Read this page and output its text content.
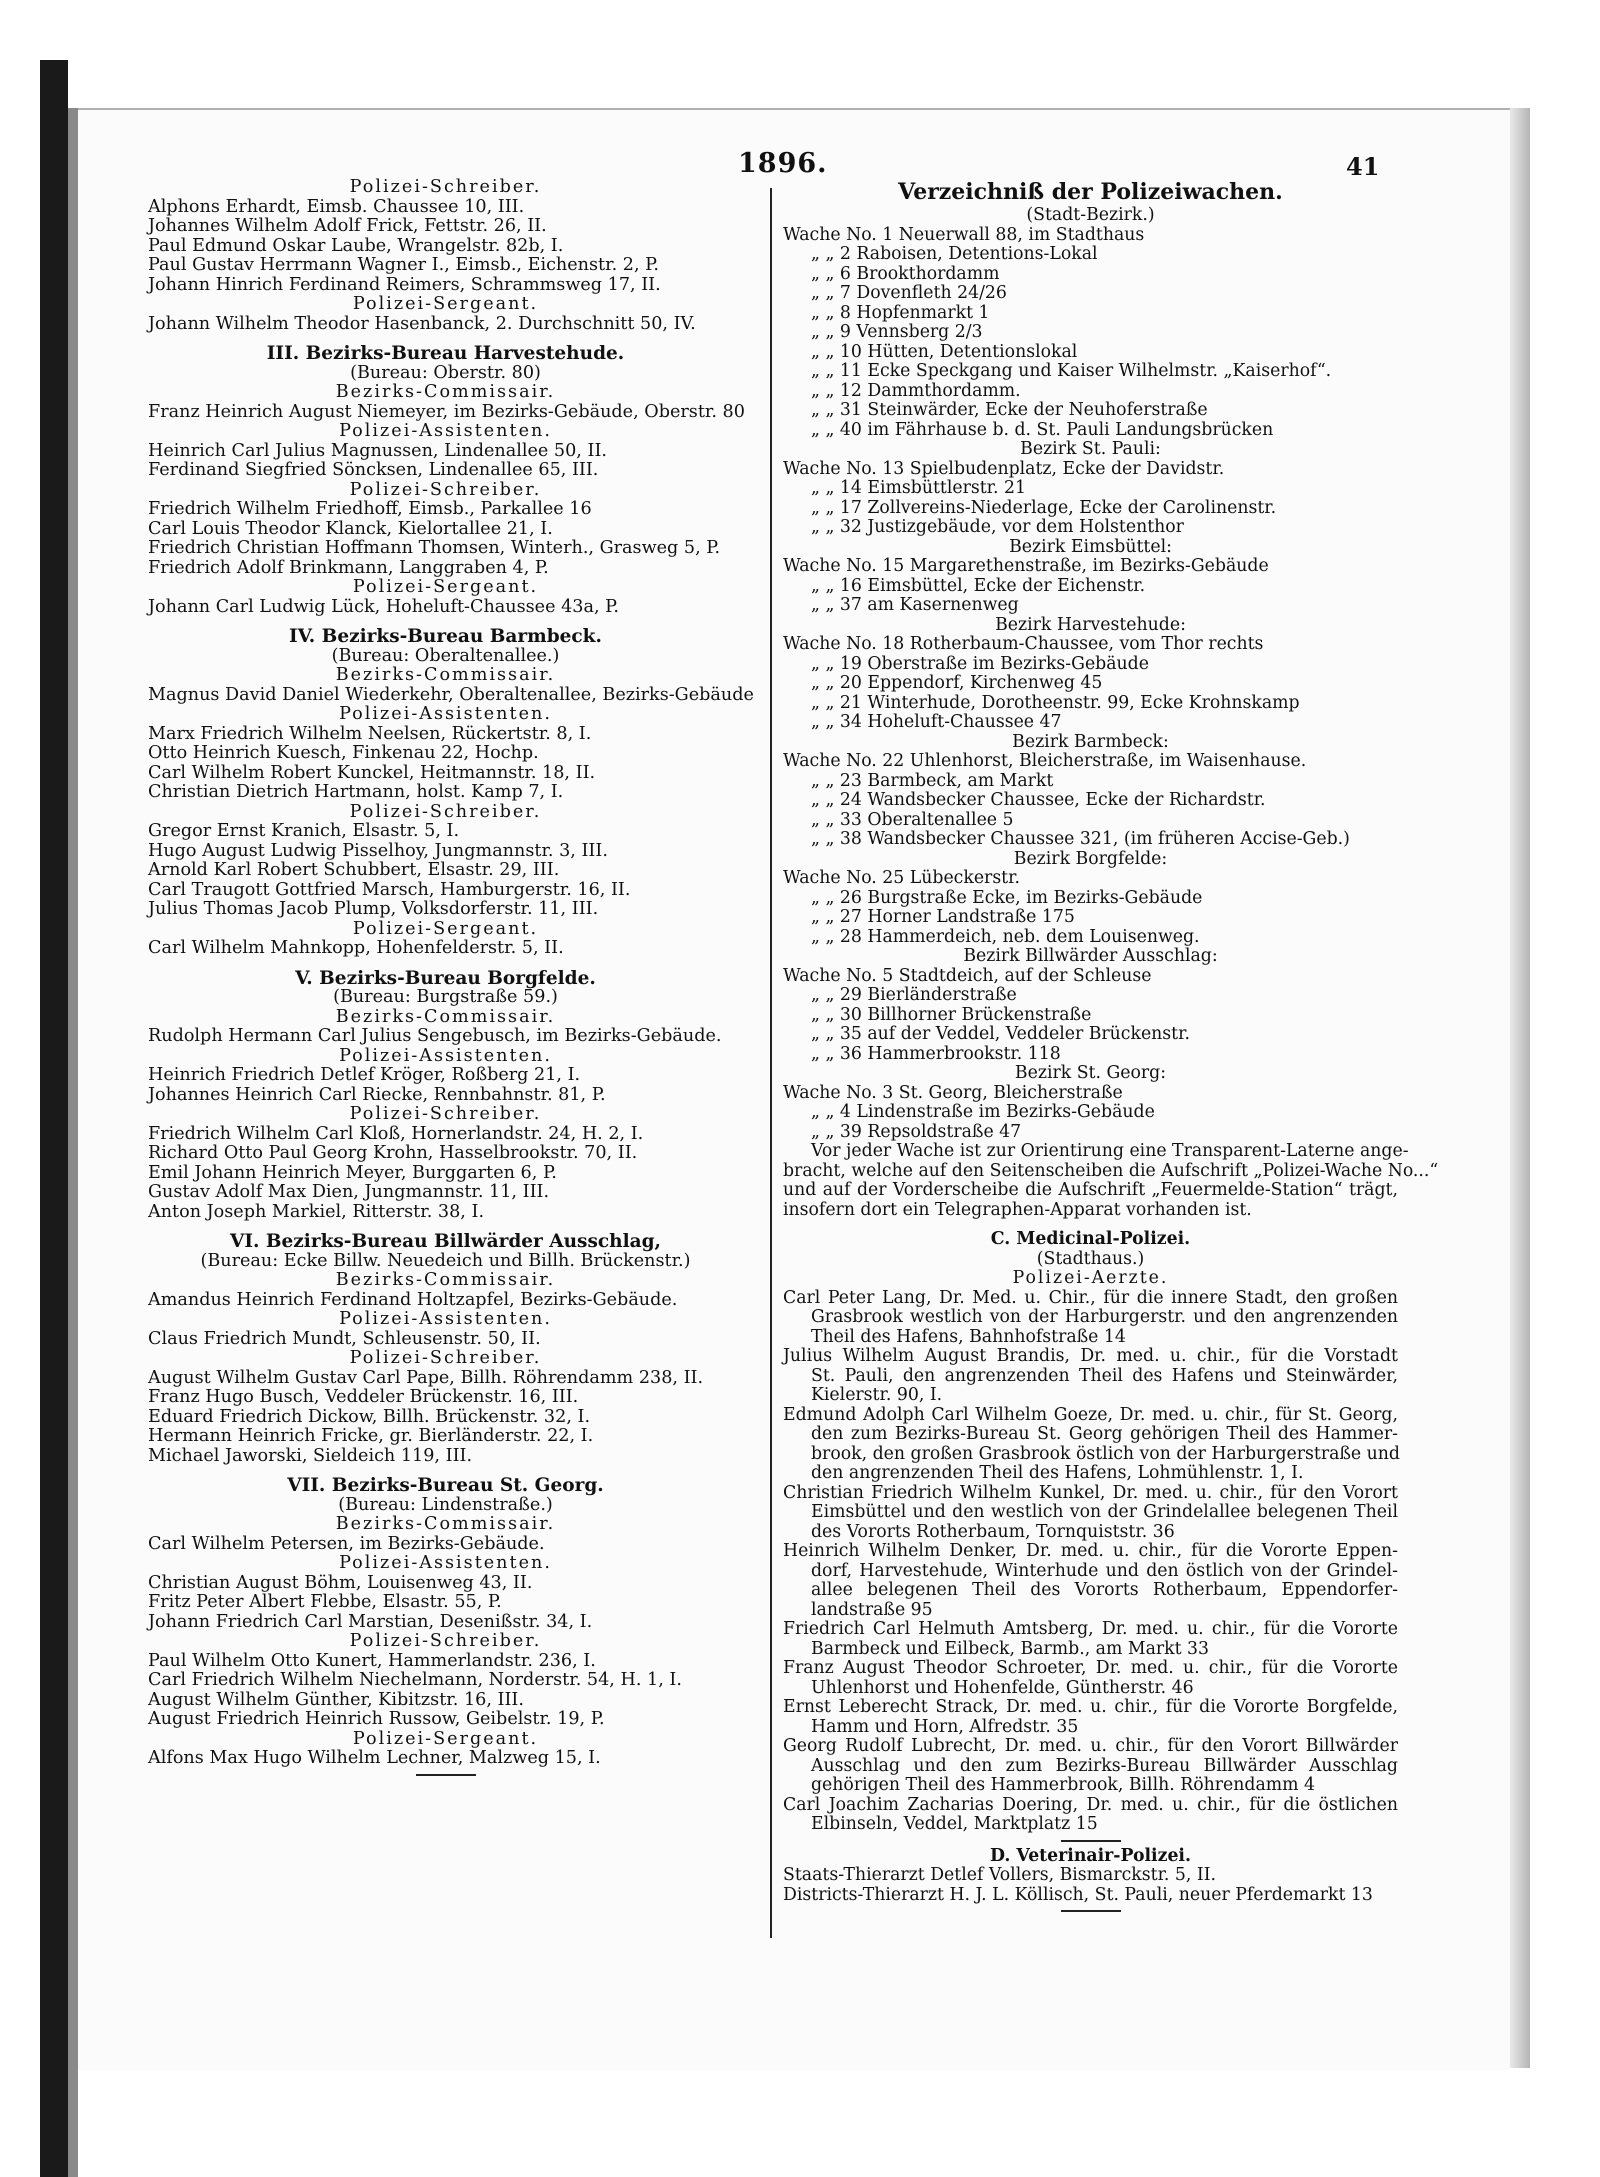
1896.	41
Polizei-Schreiber.
Alphons Erhardt, Eimsb. Chaussee 10, III.
Johannes Wilhelm Adolf Frick, Fettstr. 26, II.
Paul Edmund Oskar Laube, Wrangelstr. 82b, I.
Paul Gustav Herrmann Wagner I., Eimsb., Eichenstr. 2, P.
Johann Hinrich Ferdinand Reimers, Schrammsweg 17, II.
Polizei-Sergeant.
Johann Wilhelm Theodor Hasenbanck, 2. Durchschnitt 50, IV.
III. Bezirks-Bureau Harvestehude.
(Bureau: Oberstr. 80)
Bezirks-Commissair.
Franz Heinrich August Niemeyer, im Bezirks-Gebäude, Oberstr. 80
Polizei-Assistenten.
Heinrich Carl Julius Magnussen, Lindenallee 50, II.
Ferdinand Siegfried Söncksen, Lindenallee 65, III.
Polizei-Schreiber.
Friedrich Wilhelm Friedhoff, Eimsb., Parkallee 16
Carl Louis Theodor Klanck, Kielortallee 21, I.
Friedrich Christian Hoffmann Thomsen, Winterh., Grasweg 5, P.
Friedrich Adolf Brinkmann, Langgraben 4, P.
Polizei-Sergeant.
Johann Carl Ludwig Lück, Hoheluft-Chaussee 43a, P.
IV. Bezirks-Bureau Barmbeck.
(Bureau: Oberaltenallee.)
Bezirks-Commissair.
Magnus David Daniel Wiederkehr, Oberaltenallee, Bezirks-Gebäude
Polizei-Assistenten.
Marx Friedrich Wilhelm Neelsen, Rückertstr. 8, I.
Otto Heinrich Kuesch, Finkenau 22, Hochp.
Carl Wilhelm Robert Kunckel, Heitmannstr. 18, II.
Christian Dietrich Hartmann, holst. Kamp 7, I.
Polizei-Schreiber.
Gregor Ernst Kranich, Elsastr. 5, I.
Hugo August Ludwig Pisselhoy, Jungmannstr. 3, III.
Arnold Karl Robert Schubbert, Elsastr. 29, III.
Carl Traugott Gottfried Marsch, Hamburgerstr. 16, II.
Julius Thomas Jacob Plump, Volksdorferstr. 11, III.
Polizei-Sergeant.
Carl Wilhelm Mahnkopp, Hohenfelderstr. 5, II.
V. Bezirks-Bureau Borgfelde.
(Bureau: Burgstraße 59.)
Bezirks-Commissair.
Rudolph Hermann Carl Julius Sengebusch, im Bezirks-Gebäude.
Polizei-Assistenten.
Heinrich Friedrich Detlef Kröger, Roßberg 21, I.
Johannes Heinrich Carl Riecke, Rennbahnstr. 81, P.
Polizei-Schreiber.
Friedrich Wilhelm Carl Kloß, Hornerlandstr. 24, H. 2, I.
Richard Otto Paul Georg Krohn, Hasselbrookstr. 70, II.
Emil Johann Heinrich Meyer, Burggarten 6, P.
Gustav Adolf Max Dien, Jungmannstr. 11, III.
Anton Joseph Markiel, Ritterstr. 38, I.
VI. Bezirks-Bureau Billwärder Ausschlag,
(Bureau: Ecke Billw. Neuedeich und Billh. Brückenstr.)
Bezirks-Commissair.
Amandus Heinrich Ferdinand Holtzapfel, Bezirks-Gebäude.
Polizei-Assistenten.
Claus Friedrich Mundt, Schleusenstr. 50, II.
Polizei-Schreiber.
August Wilhelm Gustav Carl Pape, Billh. Röhrendamm 238, II.
Franz Hugo Busch, Veddeler Brückenstr. 16, III.
Eduard Friedrich Dickow, Billh. Brückenstr. 32, I.
Hermann Heinrich Fricke, gr. Bierländerstr. 22, I.
Michael Jaworski, Sieldeich 119, III.
VII. Bezirks-Bureau St. Georg.
(Bureau: Lindenstraße.)
Bezirks-Commissair.
Carl Wilhelm Petersen, im Bezirks-Gebäude.
Polizei-Assistenten.
Christian August Böhm, Louisenweg 43, II.
Fritz Peter Albert Flebbe, Elsastr. 55, P.
Johann Friedrich Carl Marstian, Desenißstr. 34, I.
Polizei-Schreiber.
Paul Wilhelm Otto Kunert, Hammerlandstr. 236, I.
Carl Friedrich Wilhelm Niechelmann, Norderstr. 54, H. 1, I.
August Wilhelm Günther, Kibitzstr. 16, III.
August Friedrich Heinrich Russow, Geibelstr. 19, P.
Polizei-Sergeant.
Alfons Max Hugo Wilhelm Lechner, Malzweg 15, I.
Verzeichniß der Polizeiwachen.
(Stadt-Bezirk.)
Wache No. 1 Neuerwall 88, im Stadthaus
„ „ 2 Raboisen, Detentions-Lokal
„ „ 6 Brookthordamm
„ „ 7 Dovenfleth 24/26
„ „ 8 Hopfenmarkt 1
„ „ 9 Vennsberg 2/3
„ „ 10 Hütten, Detentionslokal
„ „ 11 Ecke Speckgang und Kaiser Wilhelmstr. „Kaiserhof“.
„ „ 12 Dammthordamm.
„ „ 31 Steinwärder, Ecke der Neuhoferstraße
„ „ 40 im Fährhause b. d. St. Pauli Landungsbrücken
Bezirk St. Pauli:
Wache No. 13 Spielbudenplatz, Ecke der Davidstr.
„ „ 14 Eimsbüttlerstr. 21
„ „ 17 Zollvereins-Niederlage, Ecke der Carolinenstr.
„ „ 32 Justizgebäude, vor dem Holstenthor
Bezirk Eimsbüttel:
Wache No. 15 Margarethenstraße, im Bezirks-Gebäude
„ „ 16 Eimsbüttel, Ecke der Eichenstr.
„ „ 37 am Kasernenweg
Bezirk Harvestehude:
Wache No. 18 Rotherbaum-Chaussee, vom Thor rechts
„ „ 19 Oberstraße im Bezirks-Gebäude
„ „ 20 Eppendorf, Kirchenweg 45
„ „ 21 Winterhude, Dorotheenstr. 99, Ecke Krohnskamp
„ „ 34 Hoheluft-Chaussee 47
Bezirk Barmbeck:
Wache No. 22 Uhlenhorst, Bleicherstraße, im Waisenhause.
„ „ 23 Barmbeck, am Markt
„ „ 24 Wandsbecker Chaussee, Ecke der Richardstr.
„ „ 33 Oberaltenallee 5
„ „ 38 Wandsbecker Chaussee 321, (im früheren Accise-Geb.)
Bezirk Borgfelde:
Wache No. 25 Lübeckerstr.
„ „ 26 Burgstraße Ecke, im Bezirks-Gebäude
„ „ 27 Horner Landstraße 175
„ „ 28 Hammerdeich, neb. dem Louisenweg.
Bezirk Billwärder Ausschlag:
Wache No. 5 Stadtdeich, auf der Schleuse
„ „ 29 Bierländerstraße
„ „ 30 Billhorner Brückenstraße
„ „ 35 auf der Veddel, Veddeler Brückenstr.
„ „ 36 Hammerbrookstr. 118
Bezirk St. Georg:
Wache No. 3 St. Georg, Bleicherstraße
„ „ 4 Lindenstraße im Bezirks-Gebäude
„ „ 39 Repsoldstraße 47
Vor jeder Wache ist zur Orientirung eine Transparent-Laterne ange-
bracht, welche auf den Seitenscheiben die Aufschrift „Polizei-Wache No...“
und auf der Vorderscheibe die Aufschrift „Feuermelde-Station“ trägt,
insofern dort ein Telegraphen-Apparat vorhanden ist.
C. Medicinal-Polizei.
(Stadthaus.)
Polizei-Aerzte.
Carl Peter Lang, Dr. Med. u. Chir., für die innere Stadt, den großen
Grasbrook westlich von der Harburgerstr. und den angrenzenden
Theil des Hafens, Bahnhofstraße 14
Julius Wilhelm August Brandis, Dr. med. u. chir., für die Vorstadt
St. Pauli, den angrenzenden Theil des Hafens und Steinwärder,
Kielerstr. 90, I.
Edmund Adolph Carl Wilhelm Goeze, Dr. med. u. chir., für St. Georg,
den zum Bezirks-Bureau St. Georg gehörigen Theil des Hammer-
brook, den großen Grasbrook östlich von der Harburgerstraße und
den angrenzenden Theil des Hafens, Lohmühlenstr. 1, I.
Christian Friedrich Wilhelm Kunkel, Dr. med. u. chir., für den Vorort
Eimsbüttel und den westlich von der Grindelallee belegenen Theil
des Vororts Rotherbaum, Tornquiststr. 36
Heinrich Wilhelm Denker, Dr. med. u. chir., für die Vororte Eppen-
dorf, Harvestehude, Winterhude und den östlich von der Grindel-
allee belegenen Theil des Vororts Rotherbaum, Eppendorfer-
landstraße 95
Friedrich Carl Helmuth Amtsberg, Dr. med. u. chir., für die Vororte
Barmbeck und Eilbeck, Barmb., am Markt 33
Franz August Theodor Schroeter, Dr. med. u. chir., für die Vororte
Uhlenhorst und Hohenfelde, Güntherstr. 46
Ernst Leberecht Strack, Dr. med. u. chir., für die Vororte Borgfelde,
Hamm und Horn, Alfredstr. 35
Georg Rudolf Lubrecht, Dr. med. u. chir., für den Vorort Billwärder
Ausschlag und den zum Bezirks-Bureau Billwärder Ausschlag
gehörigen Theil des Hammerbrook, Billh. Röhrendamm 4
Carl Joachim Zacharias Doering, Dr. med. u. chir., für die östlichen
Elbinseln, Veddel, Marktplatz 15
D. Veterinair-Polizei.
Staats-Thierarzt Detlef Vollers, Bismarckstr. 5, II.
Districts-Thierarzt H. J. L. Köllisch, St. Pauli, neuer Pferdemarkt 13
